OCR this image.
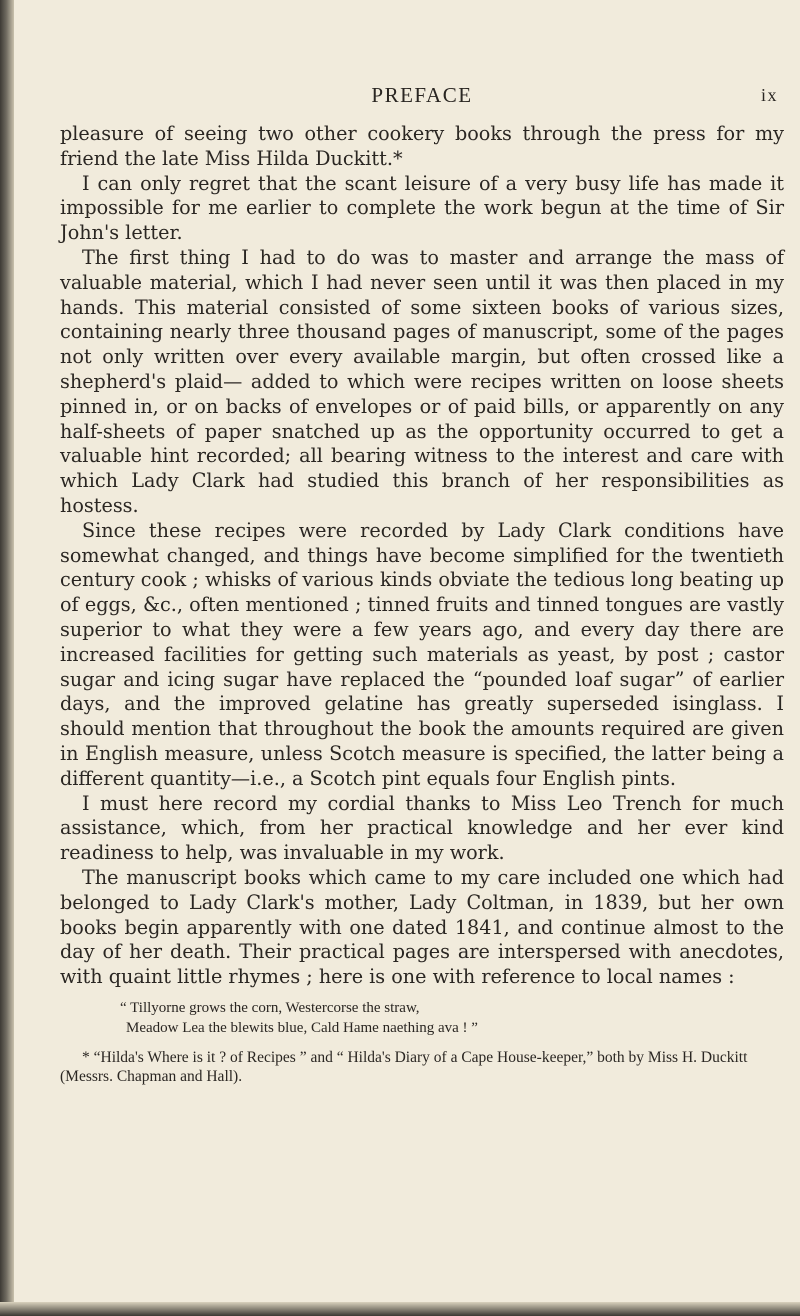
PREFACE	ix

pleasure of seeing two other cookery books through the press for my friend the late Miss Hilda Duckitt.*

I can only regret that the scant leisure of a very busy life has made it impossible for me earlier to complete the work begun at the time of Sir John's letter.

The first thing I had to do was to master and arrange the mass of valuable material, which I had never seen until it was then placed in my hands. This material consisted of some sixteen books of various sizes, containing nearly three thousand pages of manuscript, some of the pages not only written over every available margin, but often crossed like a shepherd's plaid— added to which were recipes written on loose sheets pinned in, or on backs of envelopes or of paid bills, or apparently on any half-sheets of paper snatched up as the opportunity occurred to get a valuable hint recorded; all bearing witness to the interest and care with which Lady Clark had studied this branch of her responsibilities as hostess.

Since these recipes were recorded by Lady Clark conditions have somewhat changed, and things have become simplified for the twentieth century cook ; whisks of various kinds obviate the tedious long beating up of eggs, &c., often mentioned ; tinned fruits and tinned tongues are vastly superior to what they were a few years ago, and every day there are increased facilities for getting such materials as yeast, by post ; castor sugar and icing sugar have replaced the “pounded loaf sugar” of earlier days, and the improved gelatine has greatly superseded isinglass. I should mention that throughout the book the amounts required are given in English measure, unless Scotch measure is specified, the latter being a different quantity—i.e., a Scotch pint equals four English pints.

I must here record my cordial thanks to Miss Leo Trench for much assistance, which, from her practical knowledge and her ever kind readiness to help, was invaluable in my work.

The manuscript books which came to my care included one which had belonged to Lady Clark's mother, Lady Coltman, in 1839, but her own books begin apparently with one dated 1841, and continue almost to the day of her death. Their practical pages are interspersed with anecdotes, with quaint little rhymes ; here is one with reference to local names :

“ Tillyorne grows the corn, Westercorse the straw,
Meadow Lea the blewits blue, Cald Hame naething ava ! ”
* “Hilda's Where is it ? of Recipes ” and “ Hilda's Diary of a Cape House-keeper,” both by Miss H. Duckitt (Messrs. Chapman and Hall).
